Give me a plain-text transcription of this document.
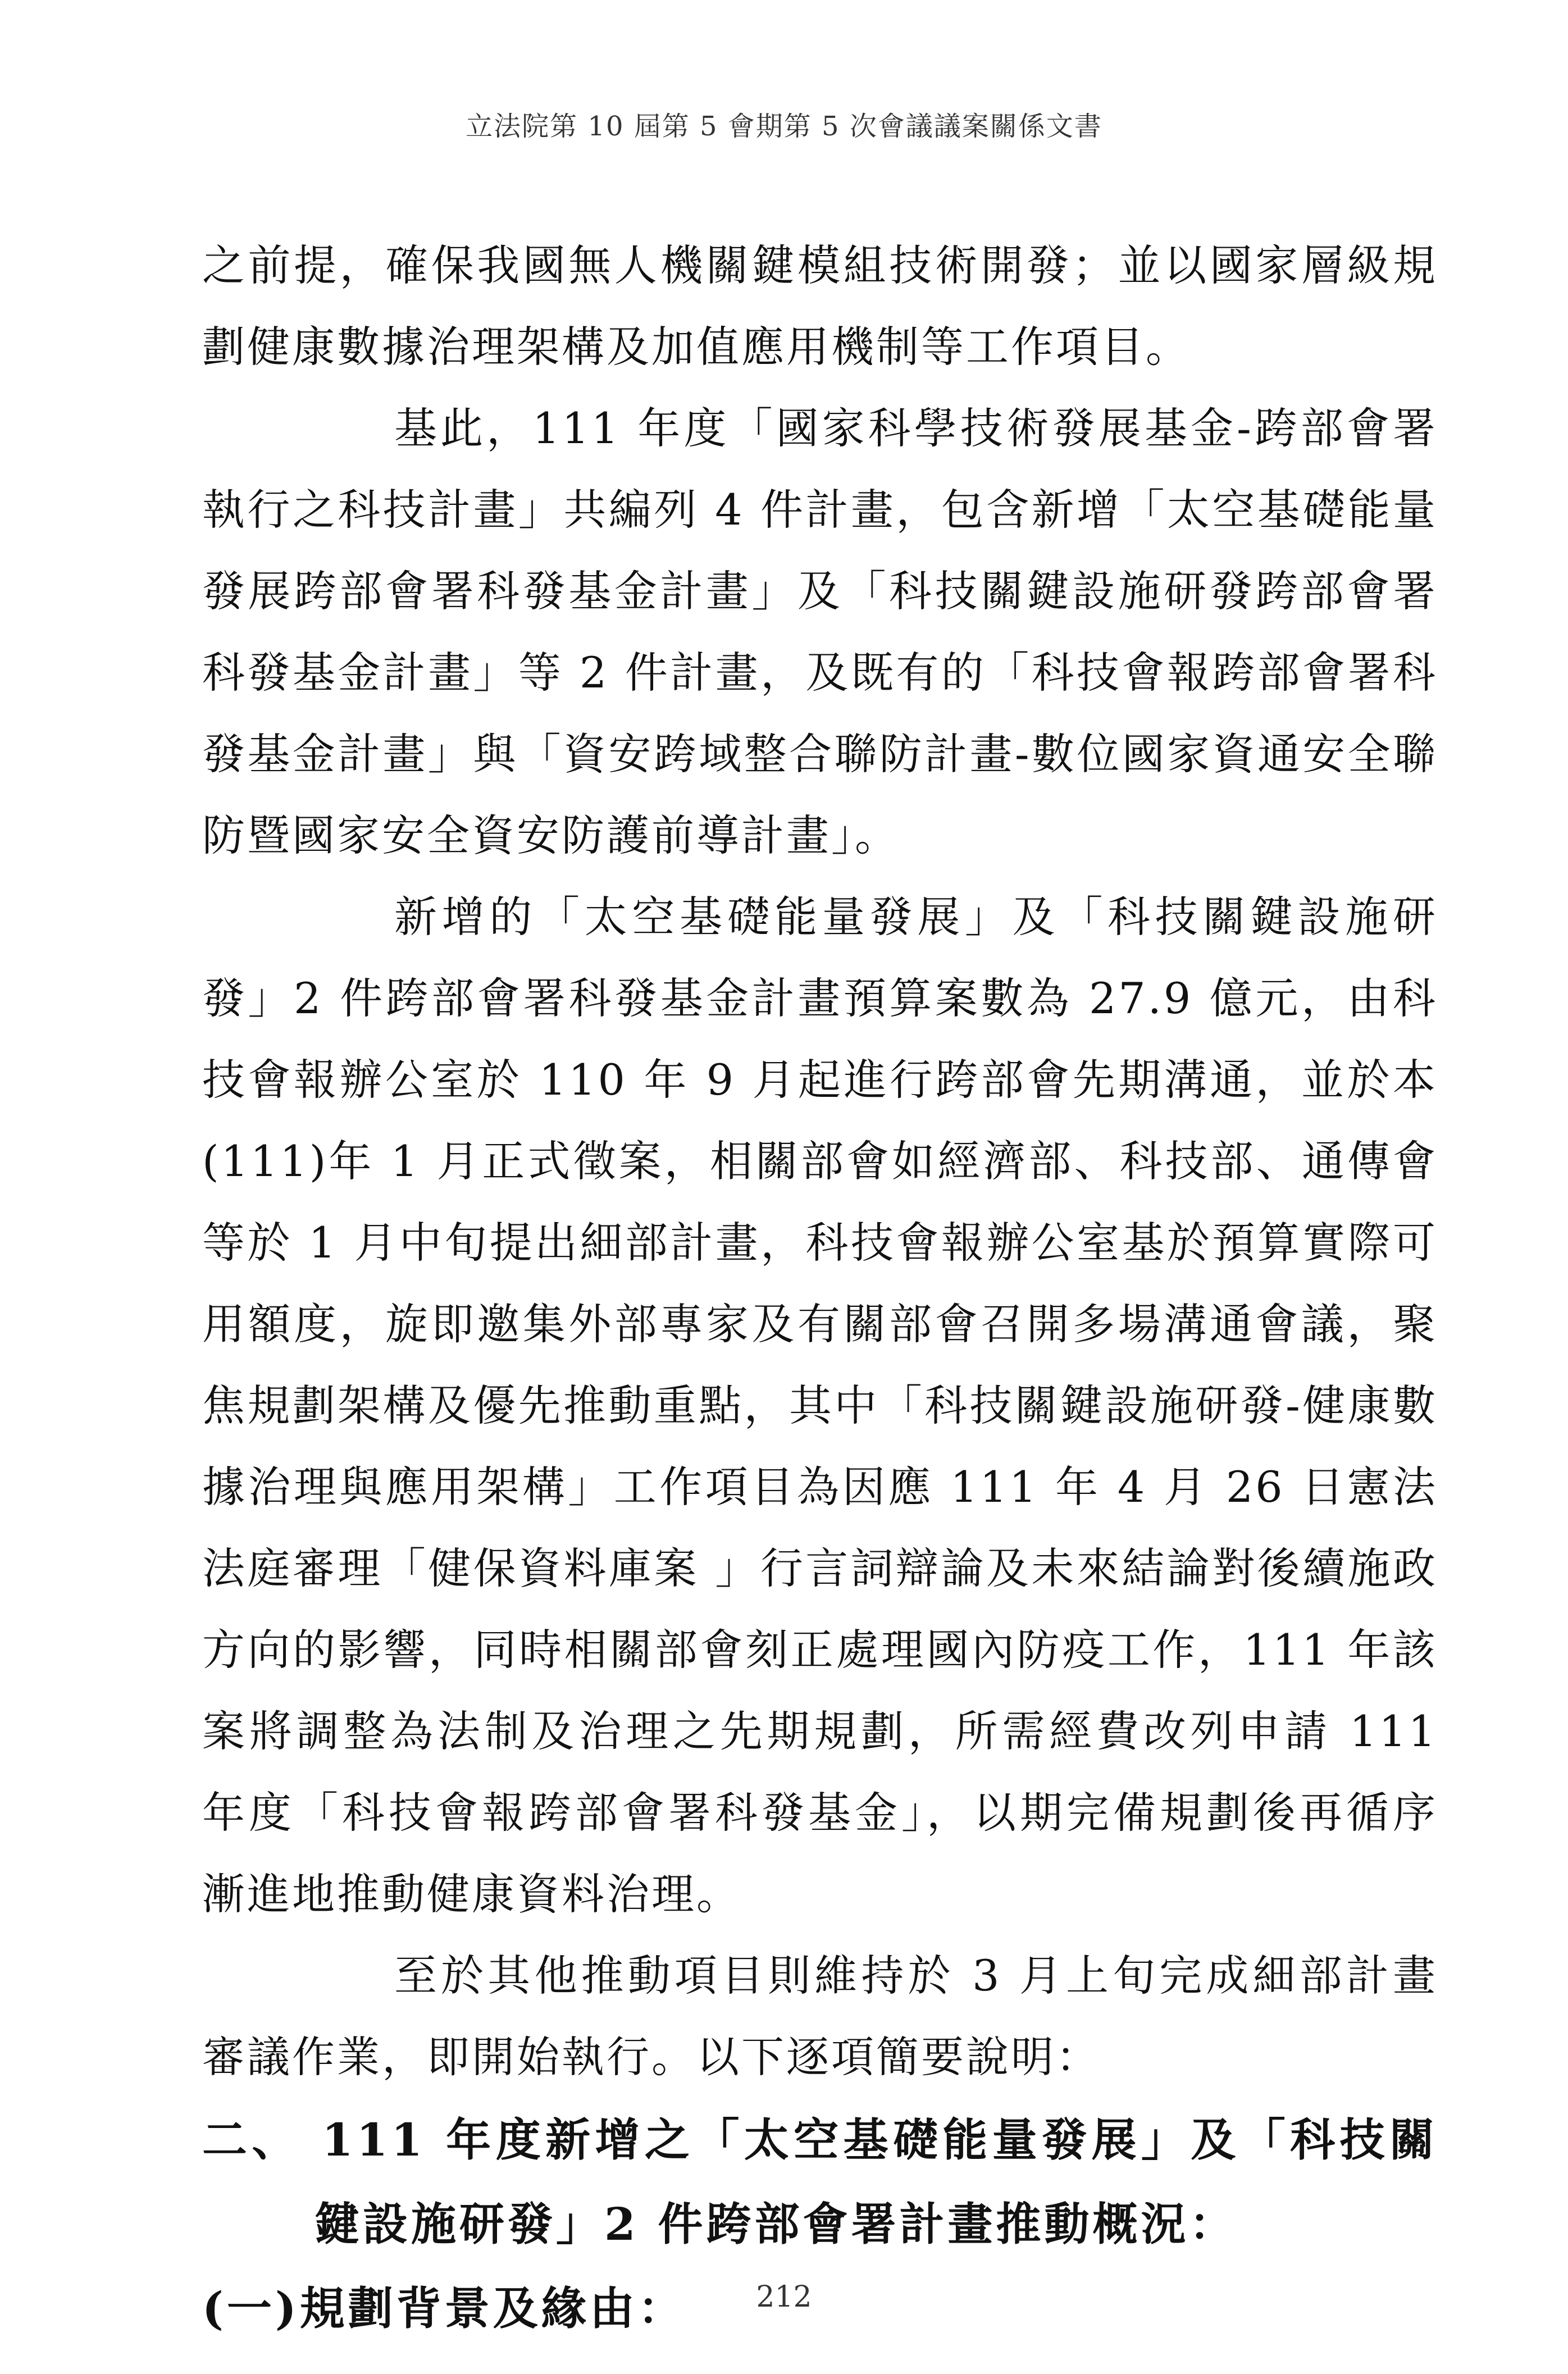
立法院第 10 屆第 5 會期第 5 次會議議案關係文書

之前提，確保我國無人機關鍵模組技術開發；並以國家層級規劃健康數據治理架構及加值應用機制等工作項目。

基此，111 年度「國家科學技術發展基金-跨部會署執行之科技計畫」共編列 4 件計畫，包含新增「太空基礎能量發展跨部會署科發基金計畫」及「科技關鍵設施研發跨部會署科發基金計畫」等 2 件計畫，及既有的「科技會報跨部會署科發基金計畫」與「資安跨域整合聯防計畫-數位國家資通安全聯防暨國家安全資安防護前導計畫」。

新增的「太空基礎能量發展」及「科技關鍵設施研發」2 件跨部會署科發基金計畫預算案數為 27.9 億元，由科技會報辦公室於 110 年 9 月起進行跨部會先期溝通，並於本(111)年 1 月正式徵案，相關部會如經濟部、科技部、通傳會等於 1 月中旬提出細部計畫，科技會報辦公室基於預算實際可用額度，旋即邀集外部專家及有關部會召開多場溝通會議，聚焦規劃架構及優先推動重點，其中「科技關鍵設施研發-健康數據治理與應用架構」工作項目為因應 111 年 4 月 26 日憲法法庭審理「健保資料庫案 」行言詞辯論及未來結論對後續施政方向的影響，同時相關部會刻正處理國內防疫工作，111 年該案將調整為法制及治理之先期規劃，所需經費改列申請 111 年度「科技會報跨部會署科發基金」，以期完備規劃後再循序漸進地推動健康資料治理。

至於其他推動項目則維持於 3 月上旬完成細部計畫審議作業，即開始執行。以下逐項簡要說明：

二、 111 年度新增之「太空基礎能量發展」及「科技關鍵設施研發」2 件跨部會署計畫推動概況：

(一)規劃背景及緣由：	212
